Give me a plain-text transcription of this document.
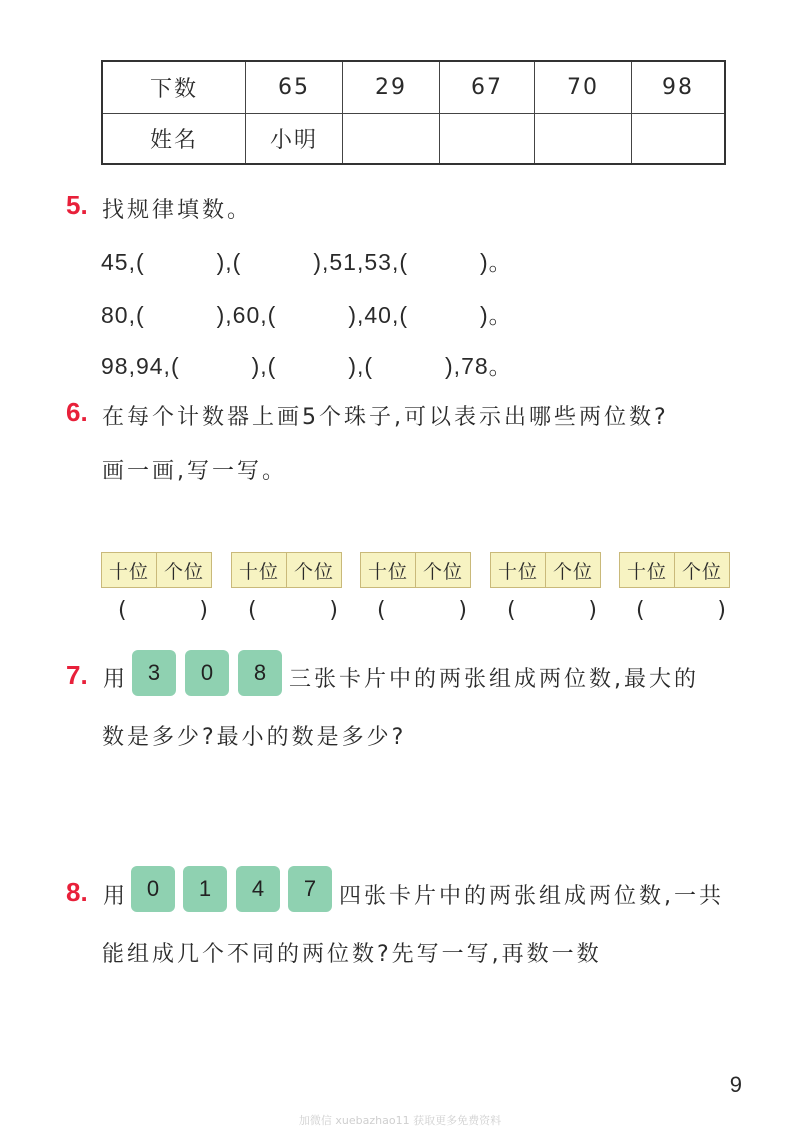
下数	65	29	67	70	98
姓名	小明				
5. 找规律填数。
45,(　　　),(　　　),51,53,(　　　)。
80,(　　　),60,(　　　),40,(　　　)。
98,94,(　　　),(　　　),(　　　),78。
6. 在每个计数器上画5个珠子,可以表示出哪些两位数?
画一画,写一写。
十位 个位	十位 个位	十位 个位	十位 个位	十位 个位
(	) (	) (	) (	) (	)
7. 用 3	0	8	三张卡片中的两张组成两位数,最大的
数是多少?最小的数是多少?
8. 用 0	1	4	7	四张卡片中的两张组成两位数,一共
能组成几个不同的两位数?先写一写,再数一数
9
加微信 xuebazhao11 获取更多免费资料
